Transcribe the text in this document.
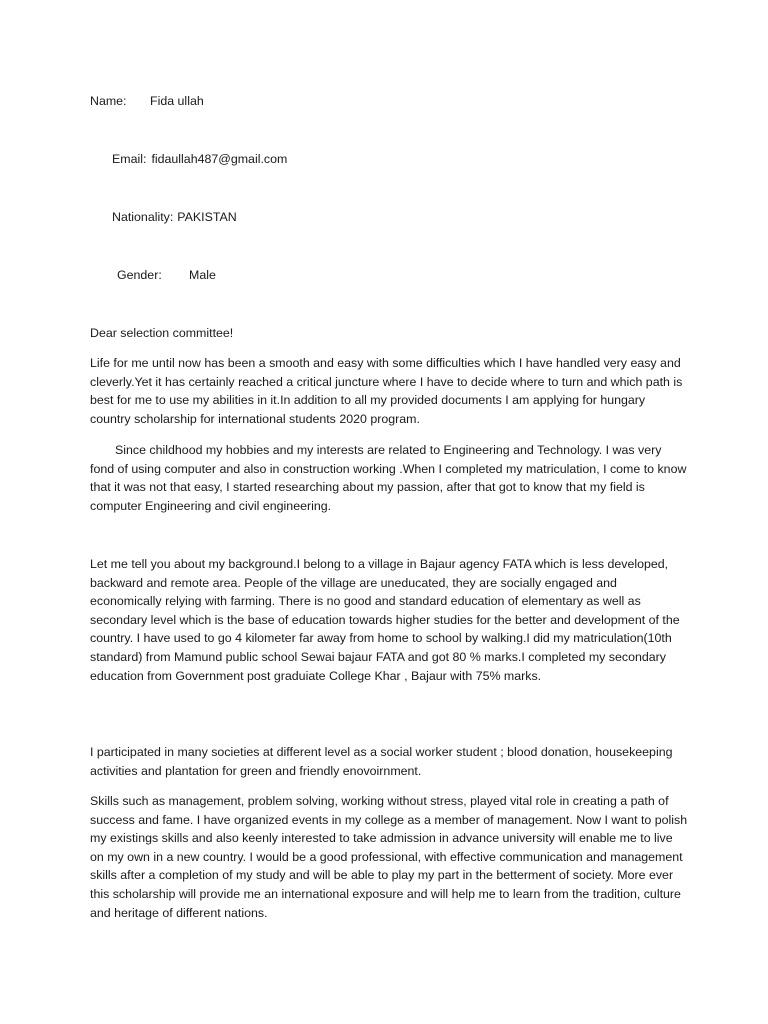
Name: Fida ullah
Email: fidaullah487@gmail.com
Nationality: PAKISTAN
Gender: Male

Dear selection committee!

Life for me until now has been a smooth and easy with some difficulties which I have handled very easy and cleverly.Yet it has certainly reached a critical juncture where I have to decide where to turn and which path is best for me to use my abilities in it.In addition to all my provided documents I am applying for hungary country scholarship for international students 2020 program.

Since childhood my hobbies and my interests are related to Engineering and Technology. I was very fond of using computer and also in construction working .When I completed my matriculation, I come to know that it was not that easy, I started researching about my passion, after that got to know that my field is computer Engineering and civil engineering.

Let me tell you about my background.I belong to a village in Bajaur agency FATA which is less developed, backward and remote area. People of the village are uneducated, they are socially engaged and economically relying with farming. There is no good and standard education of elementary as well as secondary level which is the base of education towards higher studies for the better and development of the country. I have used to go 4 kilometer far away from home to school by walking.I did my matriculation(10th standard) from Mamund public school Sewai bajaur FATA and got 80 % marks.I completed my secondary education from Government post graduiate College Khar , Bajaur with 75% marks.

I participated in many societies at different level as a social worker student ; blood donation, housekeeping activities and plantation for green and friendly enovoirnment.

Skills such as management, problem solving, working without stress, played vital role in creating a path of success and fame. I have organized events in my college as a member of management. Now I want to polish my existings skills and also keenly interested to take admission in advance university will enable me to live on my own in a new country. I would be a good professional, with effective communication and management skills after a completion of my study and will be able to play my part in the betterment of society. More ever this scholarship will provide me an international exposure and will help me to learn from the tradition, culture and heritage of different nations.
